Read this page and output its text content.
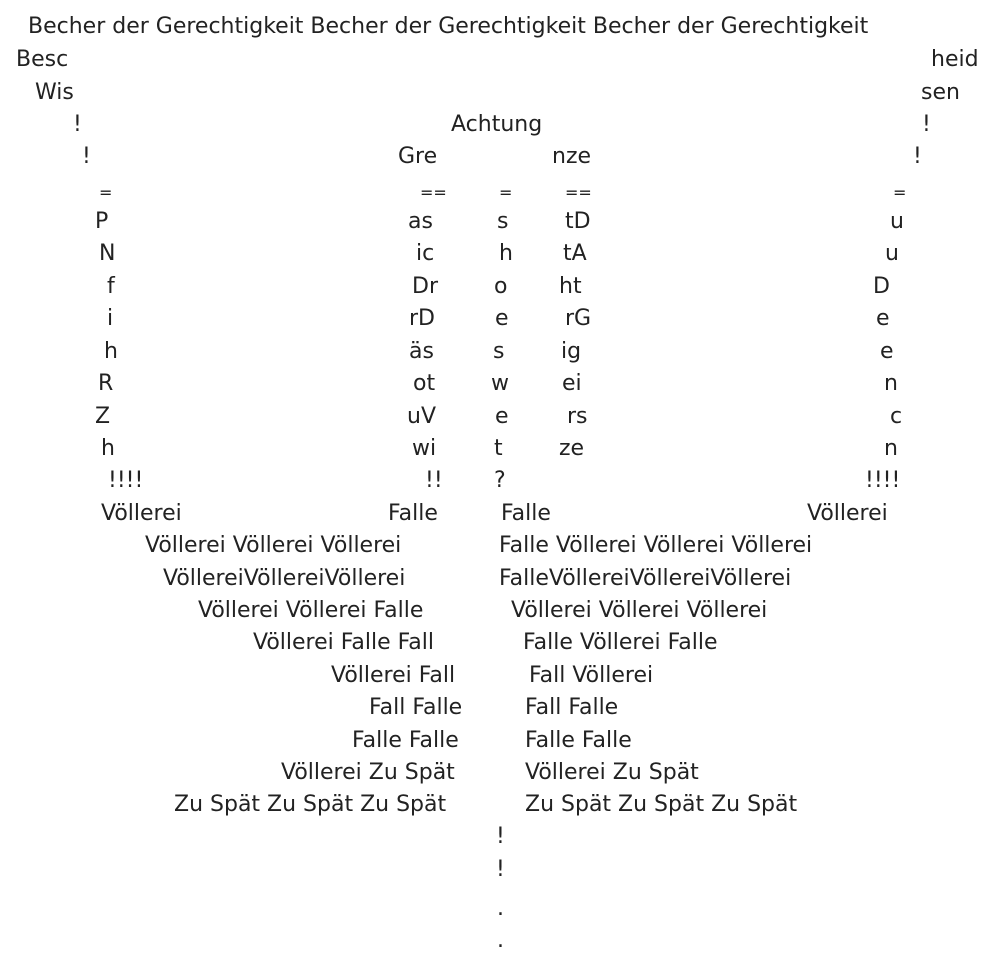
Becher der Gerechtigkeit Becher der Gerechtigkeit Becher der Gerechtigkeit
Besc	heid
Wis	sen
!	Achtung	!
!	Gre	nze	!
=	==	=	==	=
P	as	s	tD	u
N	ic	h tA	u
f	Dr	o ht	D
i	rD	e	rG	e
h	äs	s	ig	e
R	ot	w ei	n
Z	uV	e	rs	c
h	wi	t	ze	n
!!!!	!! ?	!!!!
Völlerei	Falle	Falle	Völlerei
Völlerei Völlerei Völlerei	Falle Völlerei Völlerei Völlerei
VöllereiVöllereiVöllerei	FalleVöllereiVöllereiVöllerei
Völlerei Völlerei Falle	Völlerei Völlerei Völlerei
Völlerei Falle Fall	Falle Völlerei Falle
Völlerei Fall	Fall Völlerei
Fall Falle	Fall Falle
Falle Falle	Falle Falle
Völlerei Zu Spät	Völlerei Zu Spät
Zu Spät Zu Spät Zu Spät	Zu Spät Zu Spät Zu Spät
!
!
.
.
